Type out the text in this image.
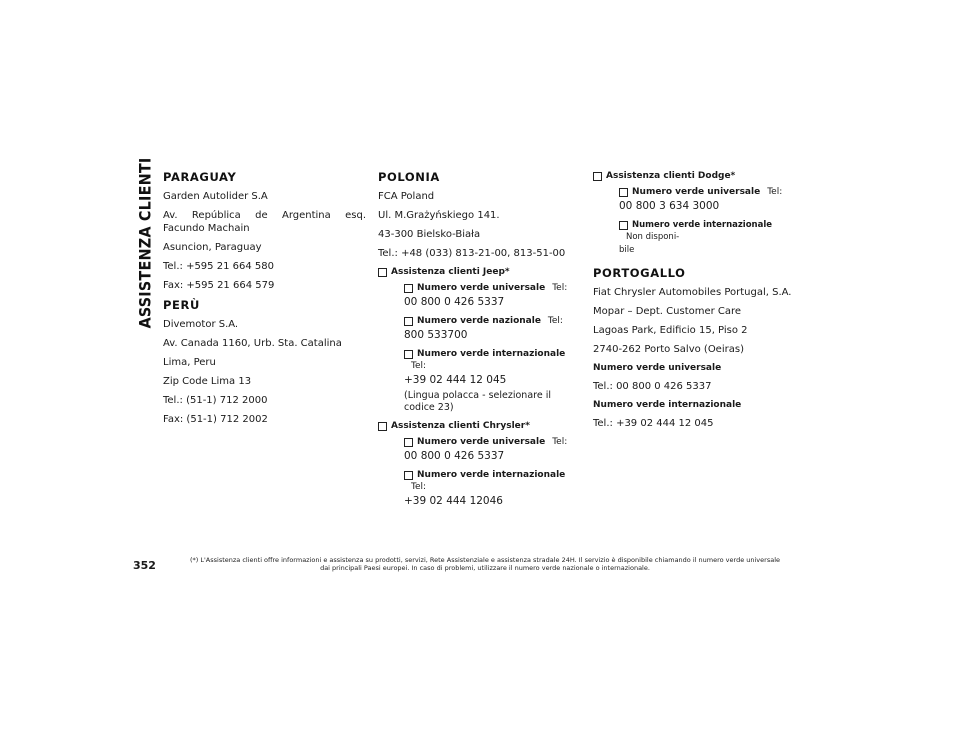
ASSISTENZA CLIENTI PARAGUAY

Garden Autolider S.A

Av. República de Argentina esq. Facundo Machain

Asuncion, Paraguay

Tel.: +595 21 664 580

Fax: +595 21 664 579

PERÙ

Divemotor S.A.

Av. Canada 1160, Urb. Sta. Catalina

Lima, Peru

Zip Code Lima 13

Tel.: (51-1) 712 2000

Fax: (51-1) 712 2002

POLONIA

FCA Poland

Ul. M.Grażyńskiego 141.

43-300 Bielsko-Biała

Tel.: +48 (033) 813-21-00, 813-51-00

Assistenza clienti Jeep*
Numero verde universale Tel:
00 800 0 426 5337
Numero verde nazionale Tel:
800 533700
Numero verde internazionale
Tel:
+39 02 444 12 045
(Lingua polacca - selezionare il codice 23)
Assistenza clienti Chrysler*
Numero verde universale Tel:
00 800 0 426 5337
Numero verde internazionale
Tel:
+39 02 444 12046
Assistenza clienti Dodge*
Numero verde universale Tel:
00 800 3 634 3000
Numero verde internazionale
Non disponi-
bile
PORTOGALLO

Fiat Chrysler Automobiles Portugal, S.A.

Mopar – Dept. Customer Care

Lagoas Park, Edificio 15, Piso 2

2740-262 Porto Salvo (Oeiras)

Numero verde universale

Tel.: 00 800 0 426 5337

Numero verde internazionale

Tel.: +39 02 444 12 045

352	(*) L'Assistenza clienti offre informazioni e assistenza su prodotti, servizi, Rete Assistenziale e assistenza stradale 24H. Il servizio è disponibile chiamando il numero verde universale
dai principali Paesi europei. In caso di problemi, utilizzare il numero verde nazionale o internazionale.
